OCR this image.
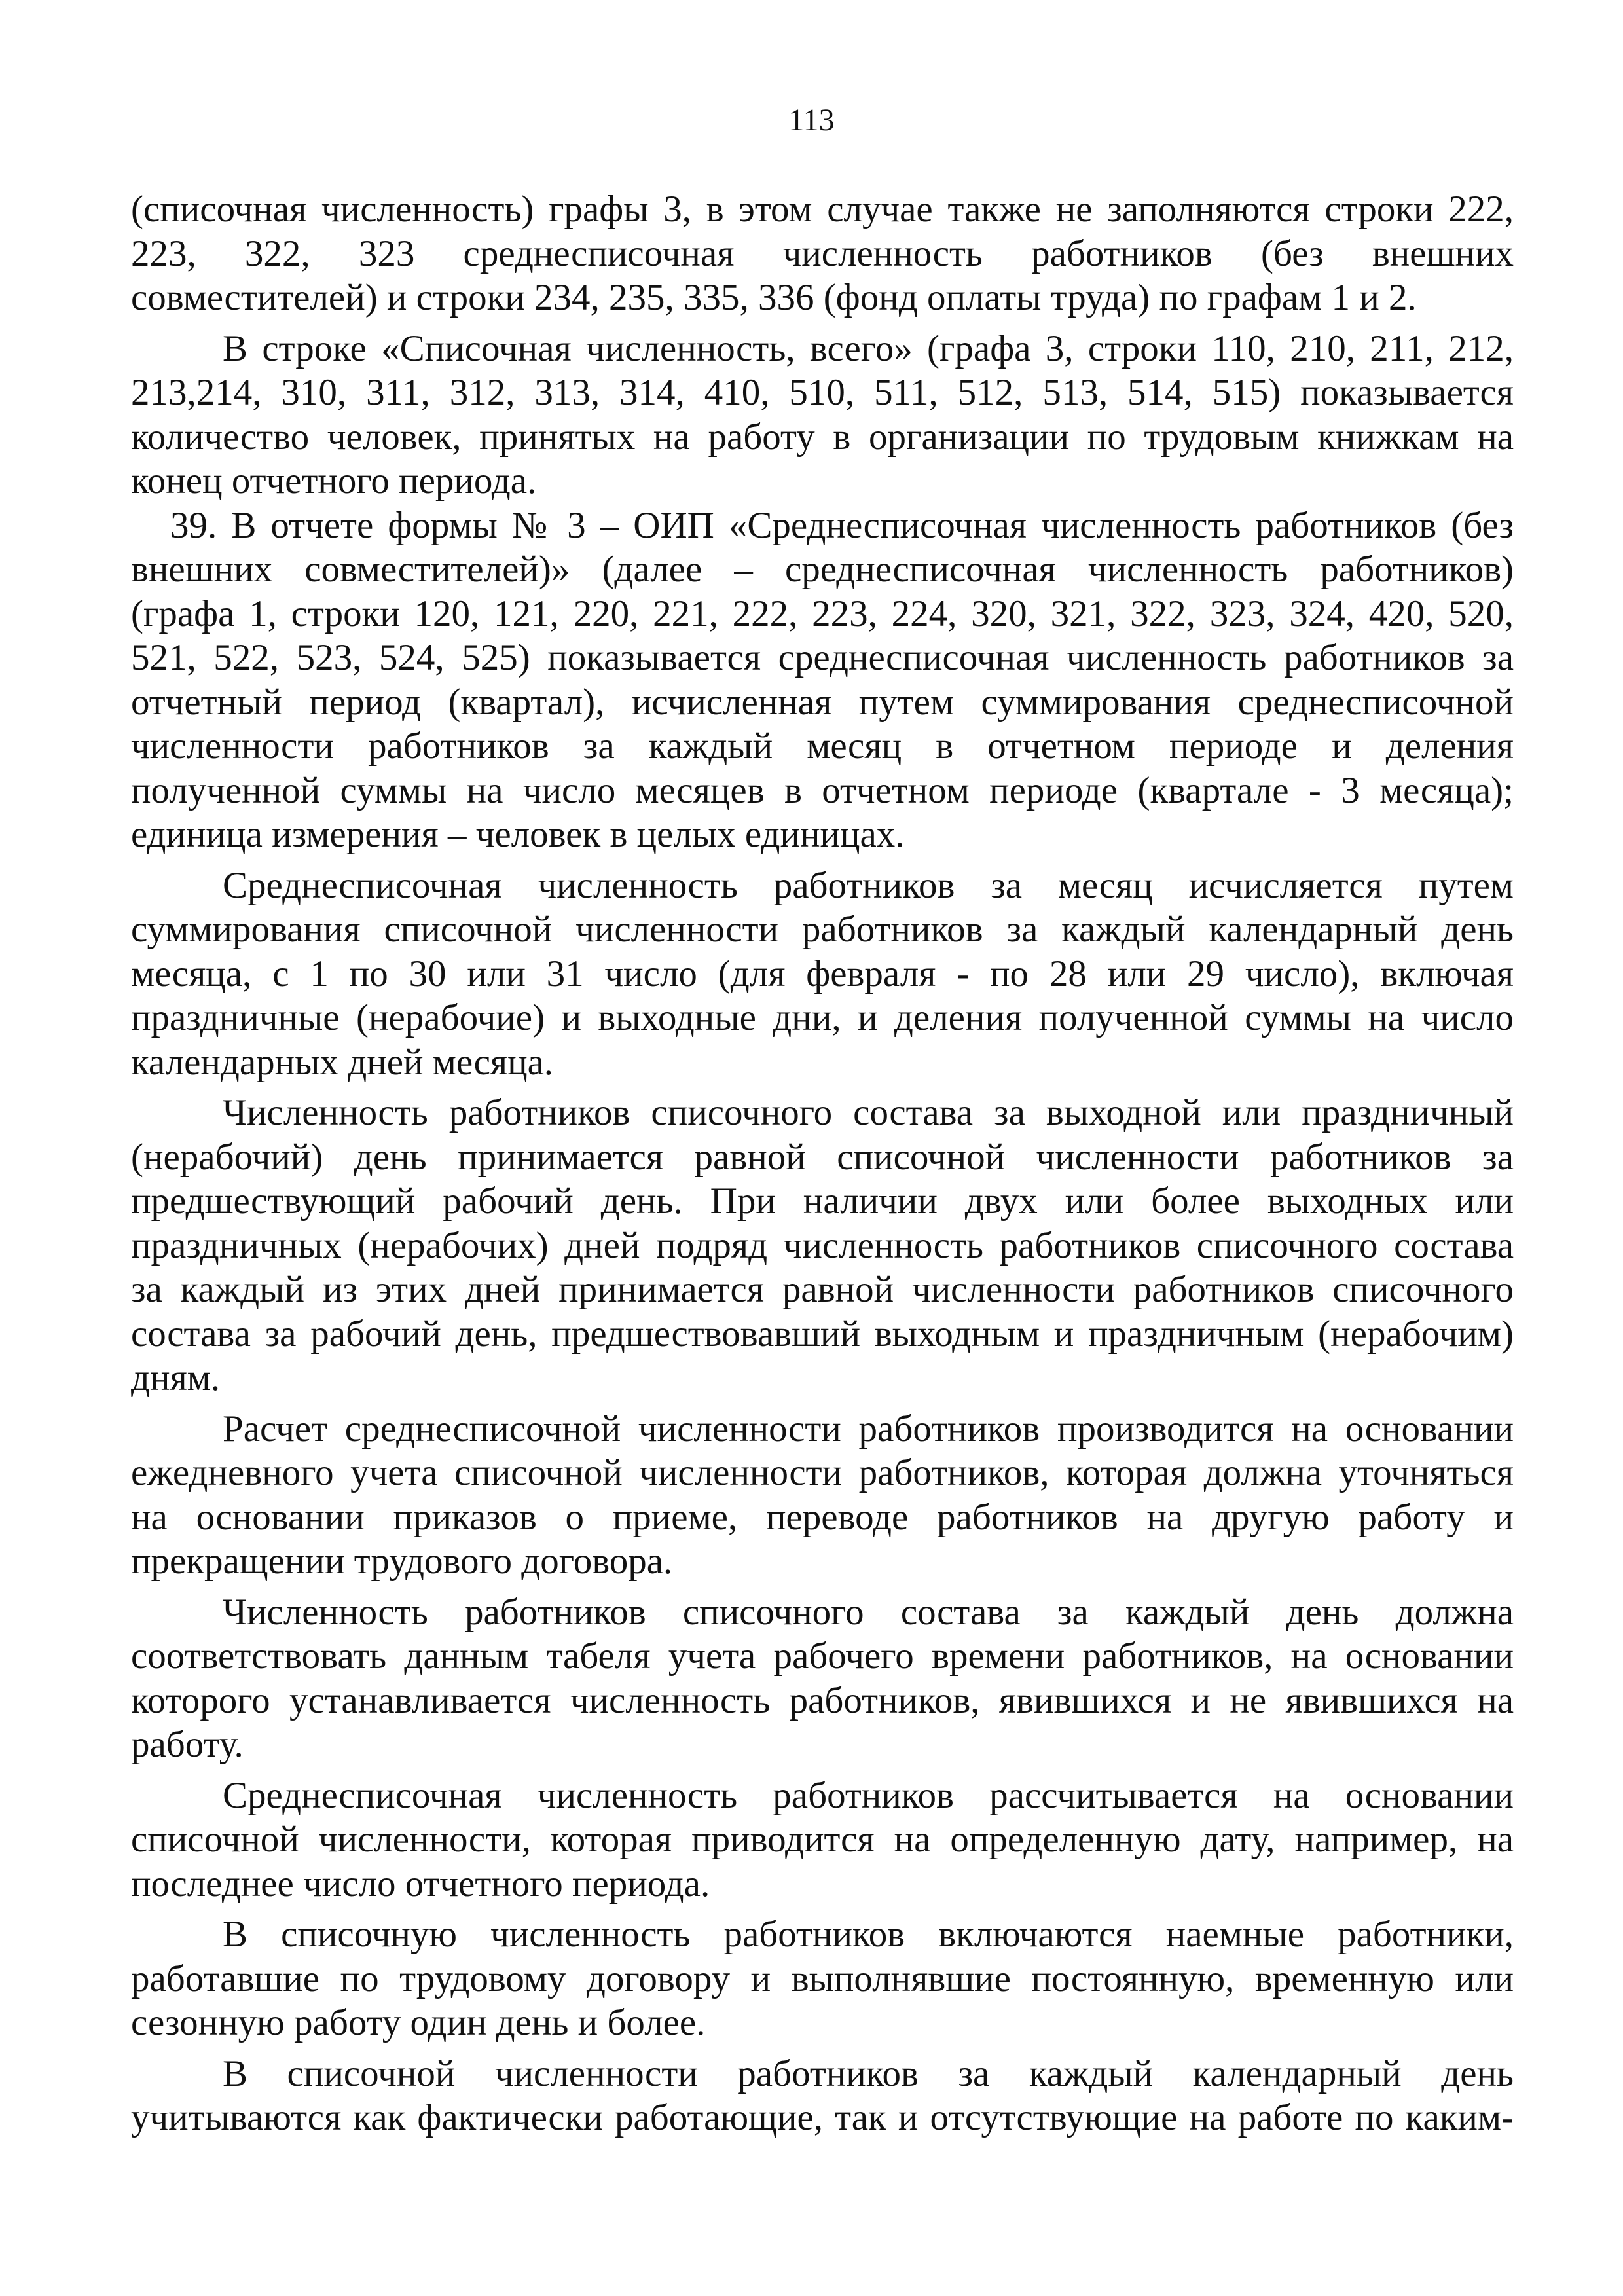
113
(списочная численность) графы 3, в этом случае также не заполняются строки 222,
223, 322, 323 среднесписочная численность работников (без внешних
совместителей) и строки 234, 235, 335, 336 (фонд оплаты труда) по графам 1 и 2.
В строке «Списочная численность, всего» (графа 3, строки 110, 210, 211, 212,
213,214, 310, 311, 312, 313, 314, 410, 510, 511, 512, 513, 514, 515) показывается
количество человек, принятых на работу в организации по трудовым книжкам на
конец отчетного периода.
39. В отчете формы № 3 – ОИП «Среднесписочная численность работников (без
внешних совместителей)» (далее – среднесписочная численность работников)
(графа 1, строки 120, 121, 220, 221, 222, 223, 224, 320, 321, 322, 323, 324, 420, 520,
521, 522, 523, 524, 525) показывается среднесписочная численность работников за
отчетный период (квартал), исчисленная путем суммирования среднесписочной
численности работников за каждый месяц в отчетном периоде и деления
полученной суммы на число месяцев в отчетном периоде (квартале - 3 месяца);
единица измерения – человек в целых единицах.
Среднесписочная численность работников за месяц исчисляется путем
суммирования списочной численности работников за каждый календарный день
месяца, с 1 по 30 или 31 число (для февраля - по 28 или 29 число), включая
праздничные (нерабочие) и выходные дни, и деления полученной суммы на число
календарных дней месяца.
Численность работников списочного состава за выходной или праздничный
(нерабочий) день принимается равной списочной численности работников за
предшествующий рабочий день. При наличии двух или более выходных или
праздничных (нерабочих) дней подряд численность работников списочного состава
за каждый из этих дней принимается равной численности работников списочного
состава за рабочий день, предшествовавший выходным и праздничным (нерабочим)
дням.
Расчет среднесписочной численности работников производится на основании
ежедневного учета списочной численности работников, которая должна уточняться
на основании приказов о приеме, переводе работников на другую работу и
прекращении трудового договора.
Численность работников списочного состава за каждый день должна
соответствовать данным табеля учета рабочего времени работников, на основании
которого устанавливается численность работников, явившихся и не явившихся на
работу.
Среднесписочная численность работников рассчитывается на основании
списочной численности, которая приводится на определенную дату, например, на
последнее число отчетного периода.
В списочную численность работников включаются наемные работники,
работавшие по трудовому договору и выполнявшие постоянную, временную или
сезонную работу один день и более.
В списочной численности работников за каждый календарный день
учитываются как фактически работающие, так и отсутствующие на работе по каким-
